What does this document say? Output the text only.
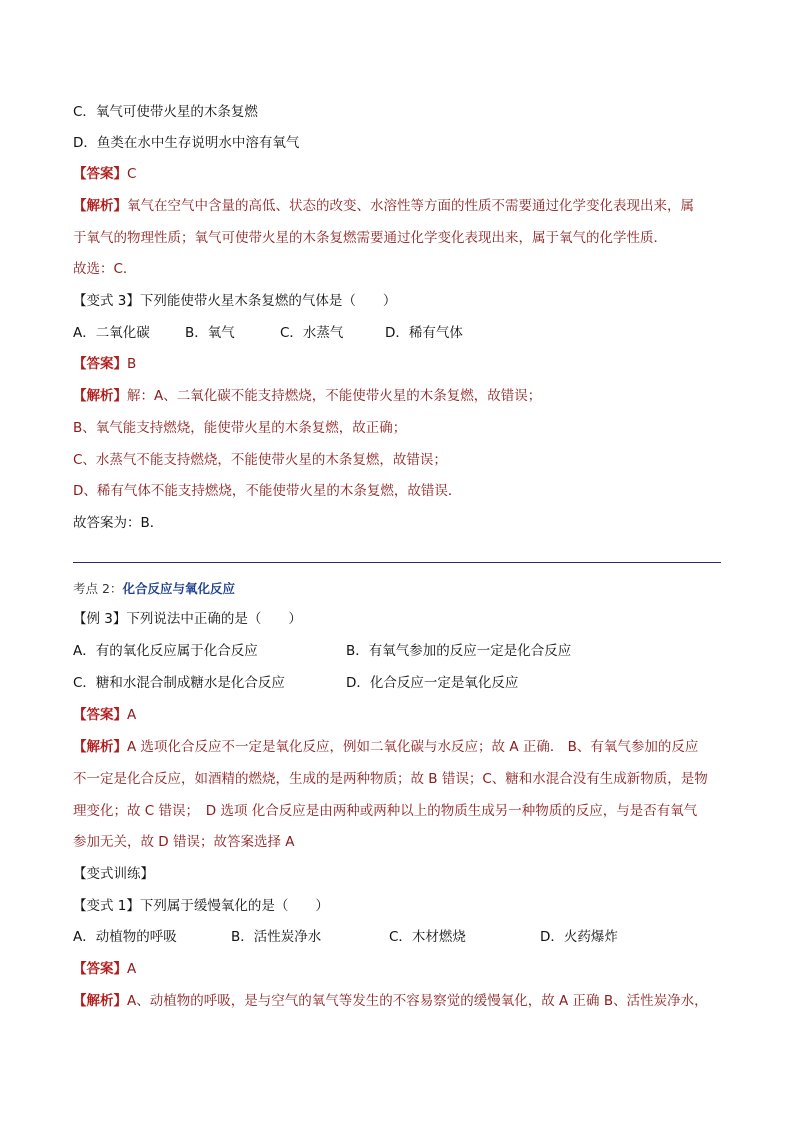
C．氧气可使带火星的木条复燃
D．鱼类在水中生存说明水中溶有氧气
【答案】C
【解析】氧气在空气中含量的高低、状态的改变、水溶性等方面的性质不需要通过化学变化表现出来，属
于氧气的物理性质；氧气可使带火星的木条复燃需要通过化学变化表现出来，属于氧气的化学性质．
故选：C．
【变式 3】下列能使带火星木条复燃的气体是（　　）
A．二氧化碳	B．氧气	C．水蒸气	D．稀有气体
【答案】B
【解析】解：A、二氧化碳不能支持燃烧，不能使带火星的木条复燃，故错误；
B、氧气能支持燃烧，能使带火星的木条复燃，故正确；
C、水蒸气不能支持燃烧，不能使带火星的木条复燃，故错误；
D、稀有气体不能支持燃烧，不能使带火星的木条复燃，故错误．
故答案为：B．
考点 2：化合反应与氧化反应
【例 3】下列说法中正确的是（　　）
A．有的氧化反应属于化合反应	B．有氧气参加的反应一定是化合反应
C．糖和水混合制成糖水是化合反应	D．化合反应一定是氧化反应
【答案】A
【解析】A 选项化合反应不一定是氧化反应，例如二氧化碳与水反应；故 A 正确． B、有氧气参加的反应
不一定是化合反应，如酒精的燃烧，生成的是两种物质；故 B 错误；C、糖和水混合没有生成新物质，是物
理变化；故 C 错误；　D 选项 化合反应是由两种或两种以上的物质生成另一种物质的反应，与是否有氧气
参加无关，故 D 错误；故答案选择 A
【变式训练】
【变式 1】下列属于缓慢氧化的是（　　）
A．动植物的呼吸	B．活性炭净水	C．木材燃烧	D．火药爆炸
【答案】A
【解析】A、动植物的呼吸，是与空气的氧气等发生的不容易察觉的缓慢氧化，故 A 正确 B、活性炭净水，
